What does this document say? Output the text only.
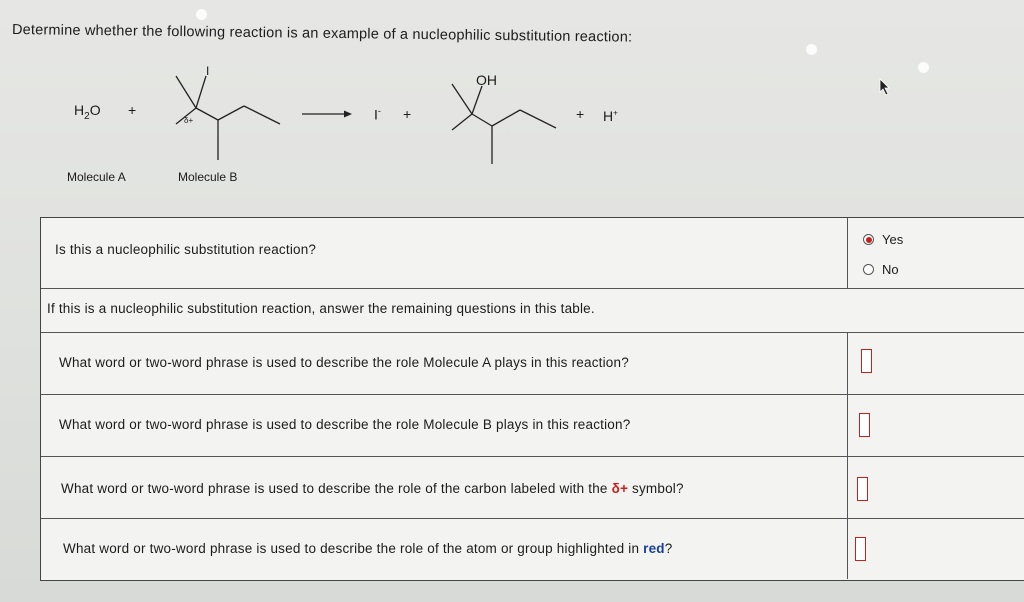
Determine whether the following reaction is an example of a nucleophilic substitution reaction:
$H_2O$ +
I
δ+
OH
I- +	+ H+
Molecule A	Molecule B
Is this a nucleophilic substitution reaction?
Yes
No
If this is a nucleophilic substitution reaction, answer the remaining questions in this table.
What word or two-word phrase is used to describe the role Molecule A plays in this reaction?
What word or two-word phrase is used to describe the role Molecule B plays in this reaction?
What word or two-word phrase is used to describe the role of the carbon labeled with the δ+ symbol?
What word or two-word phrase is used to describe the role of the atom or group highlighted in red?
